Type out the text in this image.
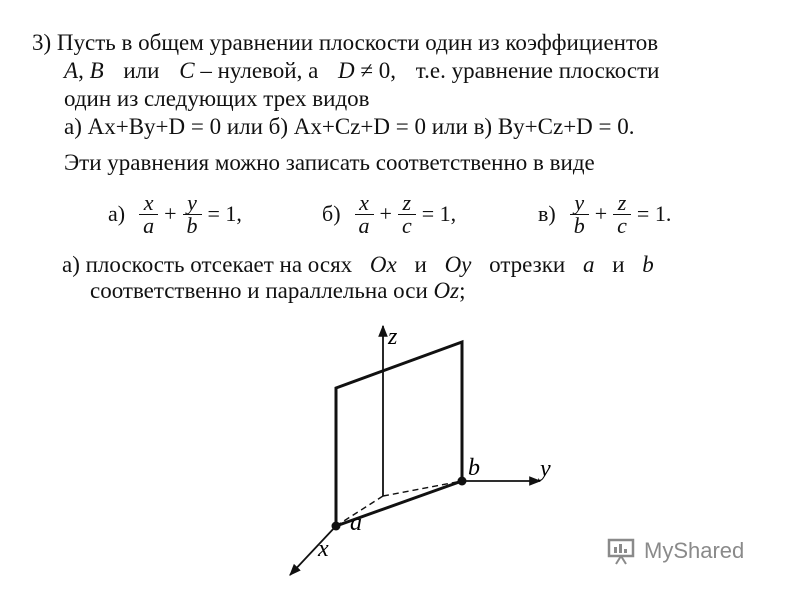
3) Пусть в общем уравнении плоскости один из коэффициентов
A, B или C – нулевой, а D ≠ 0, т.е. уравнение плоскости
один из следующих трех видов
а) Ax+By+D = 0 или б) Ax+Cz+D = 0 или в) By+Cz+D = 0.
Эти уравнения можно записать соответственно в виде
$а) \frac{x}{a} + \frac{y}{b} = 1$,	$б) \frac{x}{a} + \frac{z}{c} = 1$,	$в) \frac{y}{b} + \frac{z}{c} = 1$.
а) плоскость отсекает на осях Ox и Oy отрезки a и b
соответственно и параллельна оси Oz;
z
y
x
a
b
MyShared
